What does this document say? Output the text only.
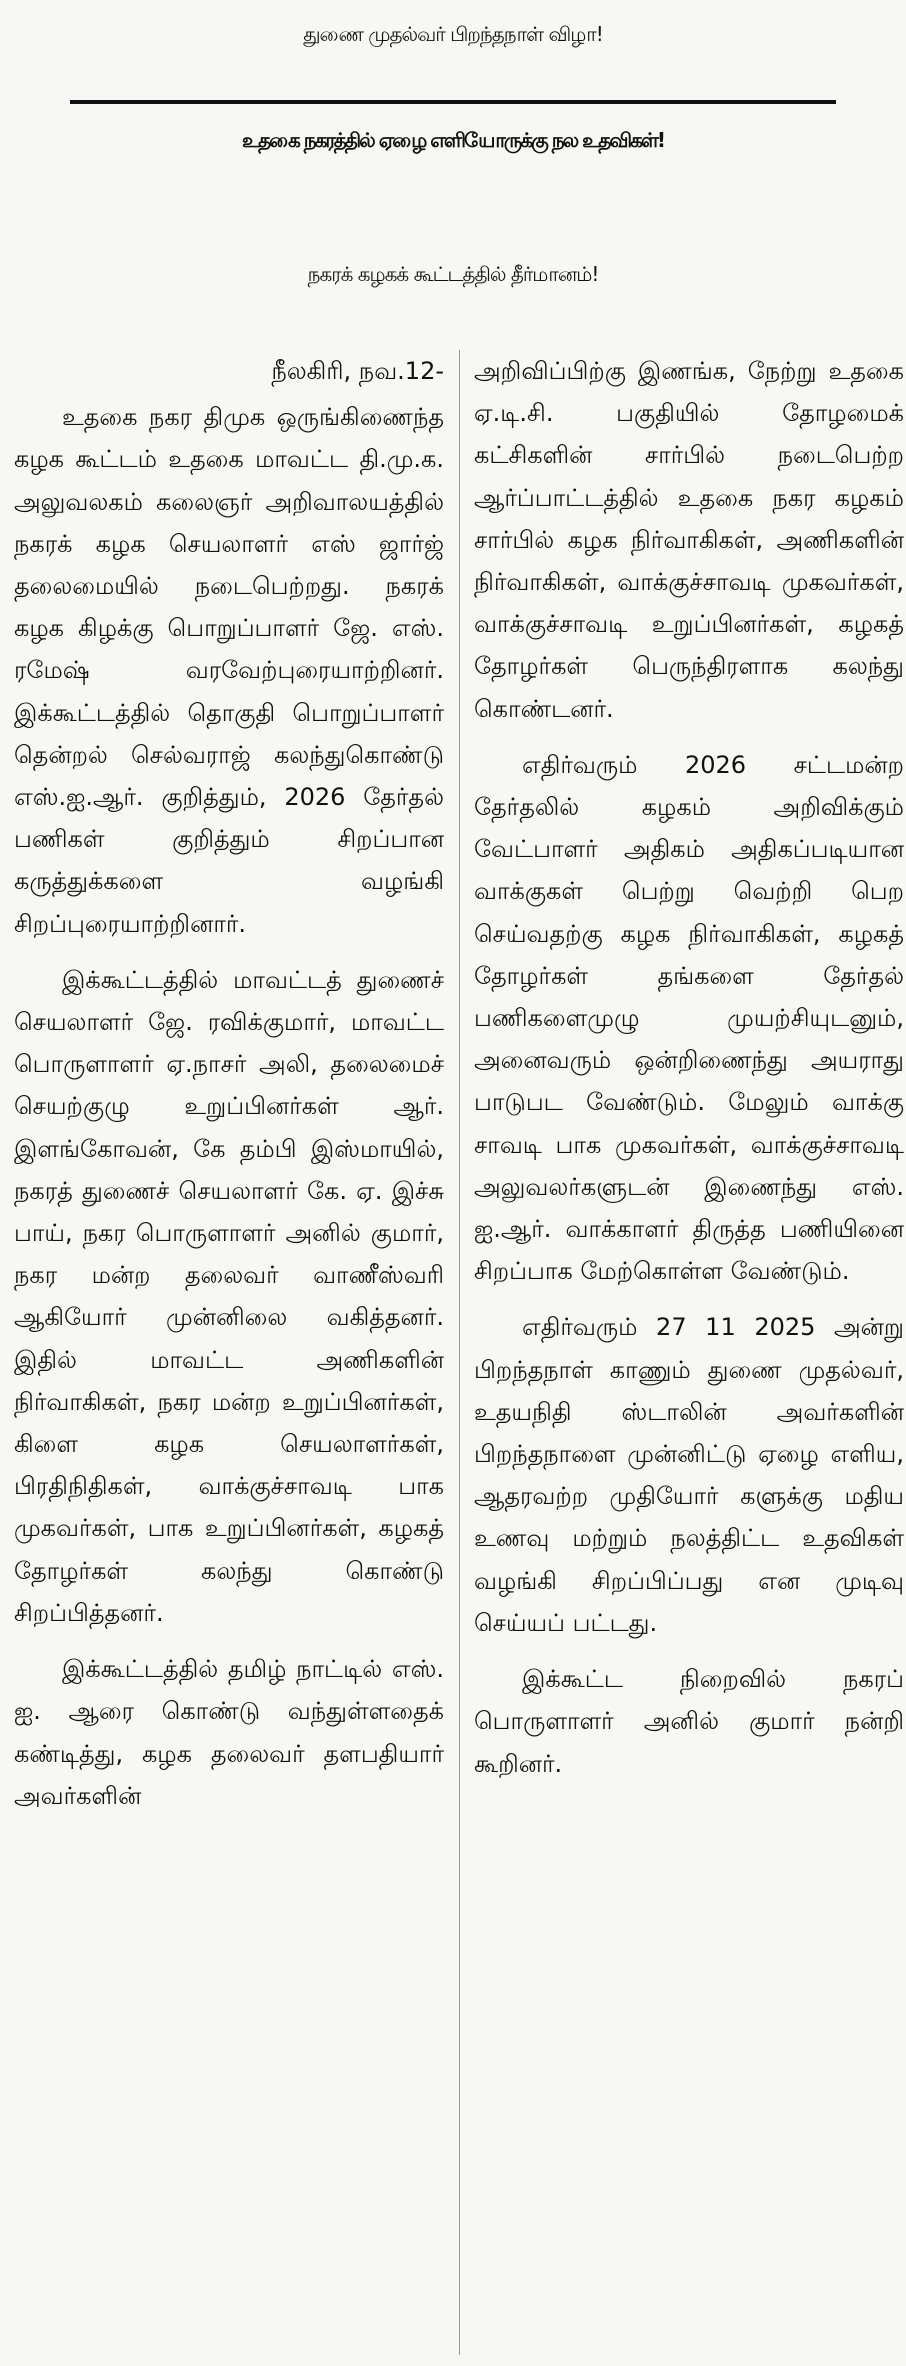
துணை முதல்வர் பிறந்தநாள் விழா!
உதகை நகரத்தில் ஏழை எளியோருக்கு நல உதவிகள்!
நகரக் கழகக் கூட்டத்தில் தீர்மானம்!

நீலகிரி, நவ.12-

உதகை நகர திமுக ஒருங்கிணைந்த கழக கூட்டம் உதகை மாவட்ட தி.மு.க. அலுவலகம் கலைஞர் அறிவாலயத்தில் நகரக் கழக செயலாளர் எஸ் ஜார்ஜ் தலைமையில் நடைபெற்றது. நகரக் கழக கிழக்கு பொறுப்பாளர் ஜே. எஸ். ரமேஷ் வரவேற்புரையாற்றினர். இக்கூட்டத்தில் தொகுதி பொறுப்பாளர் தென்றல் செல்வராஜ் கலந்துகொண்டு எஸ்.ஐ.ஆர். குறித்தும், 2026 தேர்தல் பணிகள் குறித்தும் சிறப்பான கருத்துக்களை வழங்கி சிறப்புரையாற்றினார்.

இக்கூட்டத்தில் மாவட்டத் துணைச் செயலாளர் ஜே. ரவிக்குமார், மாவட்ட பொருளாளர் ஏ.நாசர் அலி, தலைமைச் செயற்குழு உறுப்பினர்கள் ஆர். இளங்கோவன், கே தம்பி இஸ்மாயில், நகரத் துணைச் செயலாளர் கே. ஏ. இச்சு பாய், நகர பொருளாளர் அனில் குமார், நகர மன்ற தலைவர் வாணீஸ்வரி ஆகியோர் முன்னிலை வகித்தனர். இதில் மாவட்ட அணிகளின் நிர்வாகிகள், நகர மன்ற உறுப்பினர்கள், கிளை கழக செயலாளர்கள், பிரதிநிதிகள், வாக்குச்சாவடி பாக முகவர்கள், பாக உறுப்பினர்கள், கழகத் தோழர்கள் கலந்து கொண்டு சிறப்பித்தனர்.

இக்கூட்டத்தில் தமிழ் நாட்டில் எஸ். ஐ. ஆரை கொண்டு வந்துள்ளதைக் கண்டித்து, கழக தலைவர் தளபதியார் அவர்களின்

அறிவிப்பிற்கு இணங்க, நேற்று உதகை ஏ.டி.சி. பகுதியில் தோழமைக் கட்சிகளின் சார்பில் நடைபெற்ற ஆர்ப்பாட்டத்தில் உதகை நகர கழகம் சார்பில் கழக நிர்வாகிகள், அணிகளின் நிர்வாகிகள், வாக்குச்சாவடி முகவர்கள், வாக்குச்சாவடி உறுப்பினர்கள், கழகத் தோழர்கள் பெருந்திரளாக கலந்து கொண்டனர்.

எதிர்வரும் 2026 சட்டமன்ற தேர்தலில் கழகம் அறிவிக்கும் வேட்பாளர் அதிகம் அதிகப்படியான வாக்குகள் பெற்று வெற்றி பெற செய்வதற்கு கழக நிர்வாகிகள், கழகத் தோழர்கள் தங்களை தேர்தல் பணிகளைமுழு முயற்சியுடனும், அனைவரும் ஒன்றிணைந்து அயராது பாடுபட வேண்டும். மேலும் வாக்கு சாவடி பாக முகவர்கள், வாக்குச்சாவடி அலுவலர்களுடன் இணைந்து எஸ். ஐ.ஆர். வாக்காளர் திருத்த பணியினை சிறப்பாக மேற்கொள்ள வேண்டும்.

எதிர்வரும் 27 11 2025 அன்று பிறந்தநாள் காணும் துணை முதல்வர், உதயநிதி ஸ்டாலின் அவர்களின் பிறந்தநாளை முன்னிட்டு ஏழை எளிய, ஆதரவற்ற முதியோர் களுக்கு மதிய உணவு மற்றும் நலத்திட்ட உதவிகள் வழங்கி சிறப்பிப்பது என முடிவு செய்யப் பட்டது.

இக்கூட்ட நிறைவில் நகரப் பொருளாளர் அனில் குமார் நன்றி கூறினர்.
